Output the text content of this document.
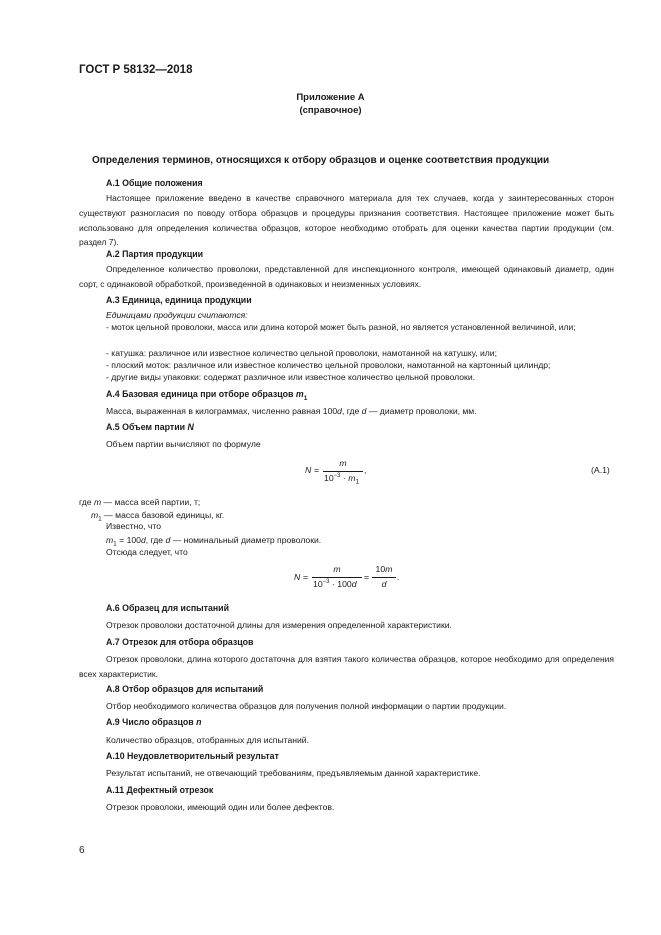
ГОСТ Р 58132—2018
Приложение А
(справочное)
Определения терминов, относящихся к отбору образцов и оценке соответствия продукции
А.1 Общие положения
Настоящее приложение введено в качестве справочного материала для тех случаев, когда у заинтересованных сторон существуют разногласия по поводу отбора образцов и процедуры признания соответствия. Настоящее приложение может быть использовано для определения количества образцов, которое необходимо отобрать для оценки качества партии продукции (см. раздел 7).
А.2 Партия продукции
Определенное количество проволоки, представленной для инспекционного контроля, имеющей одинаковый диаметр, один сорт, с одинаковой обработкой, произведенной в одинаковых и неизменных условиях.
А.3 Единица, единица продукции
Единицами продукции считаются:
- моток цельной проволоки, масса или длина которой может быть разной, но является установленной величиной, или;
- катушка: различное или известное количество цельной проволоки, намотанной на катушку, или;
- плоский моток: различное или известное количество цельной проволоки, намотанной на картонный цилиндр;
- другие виды упаковки: содержат различное или известное количество цельной проволоки.
А.4 Базовая единица при отборе образцов $m_1$
Масса, выраженная в килограммах, численно равная 100d, где d — диаметр проволоки, мм.
А.5 Объем партии N
Объем партии вычисляют по формуле
N =
m
$10^{-3} \cdot m_1$
,	(А.1)
где m — масса всей партии, т;
$m_1$ — масса базовой единицы, кг.
Известно, что
$m_1 = 100d$, где d — номинальный диаметр проволоки.
Отсюда следует, что
N =
m
$10^{-3} \cdot 100d$
=
10m
d
.
А.6 Образец для испытаний
Отрезок проволоки достаточной длины для измерения определенной характеристики.
А.7 Отрезок для отбора образцов
Отрезок проволоки, длина которого достаточна для взятия такого количества образцов, которое необходимо для определения всех характеристик.
А.8 Отбор образцов для испытаний
Отбор необходимого количества образцов для получения полной информации о партии продукции.
А.9 Число образцов n
Количество образцов, отобранных для испытаний.
А.10 Неудовлетворительный результат
Результат испытаний, не отвечающий требованиям, предъявляемым данной характеристике.
А.11 Дефектный отрезок
Отрезок проволоки, имеющий один или более дефектов.
6
